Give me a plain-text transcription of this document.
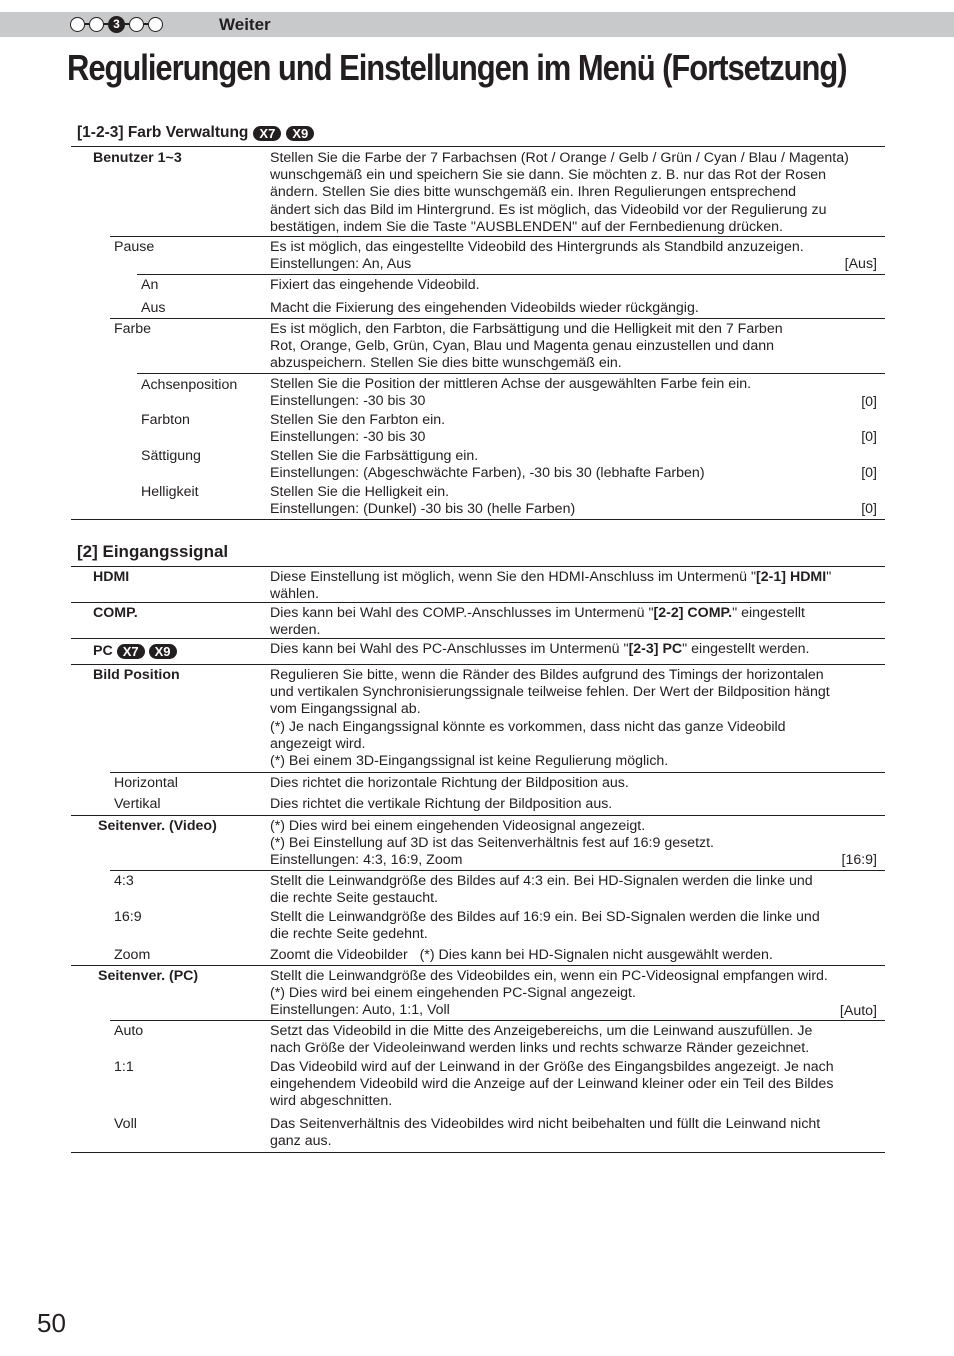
3	Weiter
Regulierungen und Einstellungen im Menü (Fortsetzung)
[1-2-3] Farb Verwaltung X7	X9
Benutzer 1~3	Stellen Sie die Farbe der 7 Farbachsen (Rot / Orange / Gelb / Grün / Cyan / Blau / Magenta)
wunschgemäß ein und speichern Sie sie dann. Sie möchten z. B. nur das Rot der Rosen
ändern. Stellen Sie dies bitte wunschgemäß ein. Ihren Regulierungen entsprechend
ändert sich das Bild im Hintergrund. Es ist möglich, das Videobild vor der Regulierung zu
bestätigen, indem Sie die Taste "AUSBLENDEN" auf der Fernbedienung drücken.
Pause	Es ist möglich, das eingestellte Videobild des Hintergrunds als Standbild anzuzeigen.
Einstellungen: An, Aus	[Aus]
An	Fixiert das eingehende Videobild.
Aus	Macht die Fixierung des eingehenden Videobilds wieder rückgängig.
Farbe	Es ist möglich, den Farbton, die Farbsättigung und die Helligkeit mit den 7 Farben
Rot, Orange, Gelb, Grün, Cyan, Blau und Magenta genau einzustellen und dann
abzuspeichern. Stellen Sie dies bitte wunschgemäß ein.
Achsenposition Stellen Sie die Position der mittleren Achse der ausgewählten Farbe fein ein.
Einstellungen: -30 bis 30	[0]
Farbton	Stellen Sie den Farbton ein.
Einstellungen: -30 bis 30	[0]
Sättigung	Stellen Sie die Farbsättigung ein.
Einstellungen: (Abgeschwächte Farben), -30 bis 30 (lebhafte Farben)	[0]
Helligkeit	Stellen Sie die Helligkeit ein.
Einstellungen: (Dunkel) -30 bis 30 (helle Farben)	[0]
[2] Eingangssignal
HDMI	Diese Einstellung ist möglich, wenn Sie den HDMI-Anschluss im Untermenü "[2-1] HDMI"
wählen.
COMP.	Dies kann bei Wahl des COMP.-Anschlusses im Untermenü "[2-2] COMP." eingestellt
werden.
PC X7	X9	Dies kann bei Wahl des PC-Anschlusses im Untermenü "[2-3] PC" eingestellt werden.
Bild Position	Regulieren Sie bitte, wenn die Ränder des Bildes aufgrund des Timings der horizontalen
und vertikalen Synchronisierungssignale teilweise fehlen. Der Wert der Bildposition hängt
vom Eingangssignal ab.
(*) Je nach Eingangssignal könnte es vorkommen, dass nicht das ganze Videobild
angezeigt wird.
(*) Bei einem 3D-Eingangssignal ist keine Regulierung möglich.
Horizontal	Dies richtet die horizontale Richtung der Bildposition aus.
Vertikal	Dies richtet die vertikale Richtung der Bildposition aus.
Seitenver. (Video)	(*) Dies wird bei einem eingehenden Videosignal angezeigt.
(*) Bei Einstellung auf 3D ist das Seitenverhältnis fest auf 16:9 gesetzt.
Einstellungen: 4:3, 16:9, Zoom	[16:9]
4:3	Stellt die Leinwandgröße des Bildes auf 4:3 ein. Bei HD-Signalen werden die linke und
die rechte Seite gestaucht.
16:9	Stellt die Leinwandgröße des Bildes auf 16:9 ein. Bei SD-Signalen werden die linke und
die rechte Seite gedehnt.
Zoom	Zoomt die Videobilder   (*) Dies kann bei HD-Signalen nicht ausgewählt werden.
Seitenver. (PC)	Stellt die Leinwandgröße des Videobildes ein, wenn ein PC-Videosignal empfangen wird.
(*) Dies wird bei einem eingehenden PC-Signal angezeigt.
Einstellungen: Auto, 1:1, Voll	[Auto]
Auto	Setzt das Videobild in die Mitte des Anzeigebereichs, um die Leinwand auszufüllen. Je
nach Größe der Videoleinwand werden links und rechts schwarze Ränder gezeichnet.
1:1	Das Videobild wird auf der Leinwand in der Größe des Eingangsbildes angezeigt. Je nach
eingehendem Videobild wird die Anzeige auf der Leinwand kleiner oder ein Teil des Bildes
wird abgeschnitten.
Voll	Das Seitenverhältnis des Videobildes wird nicht beibehalten und füllt die Leinwand nicht
ganz aus.
50
